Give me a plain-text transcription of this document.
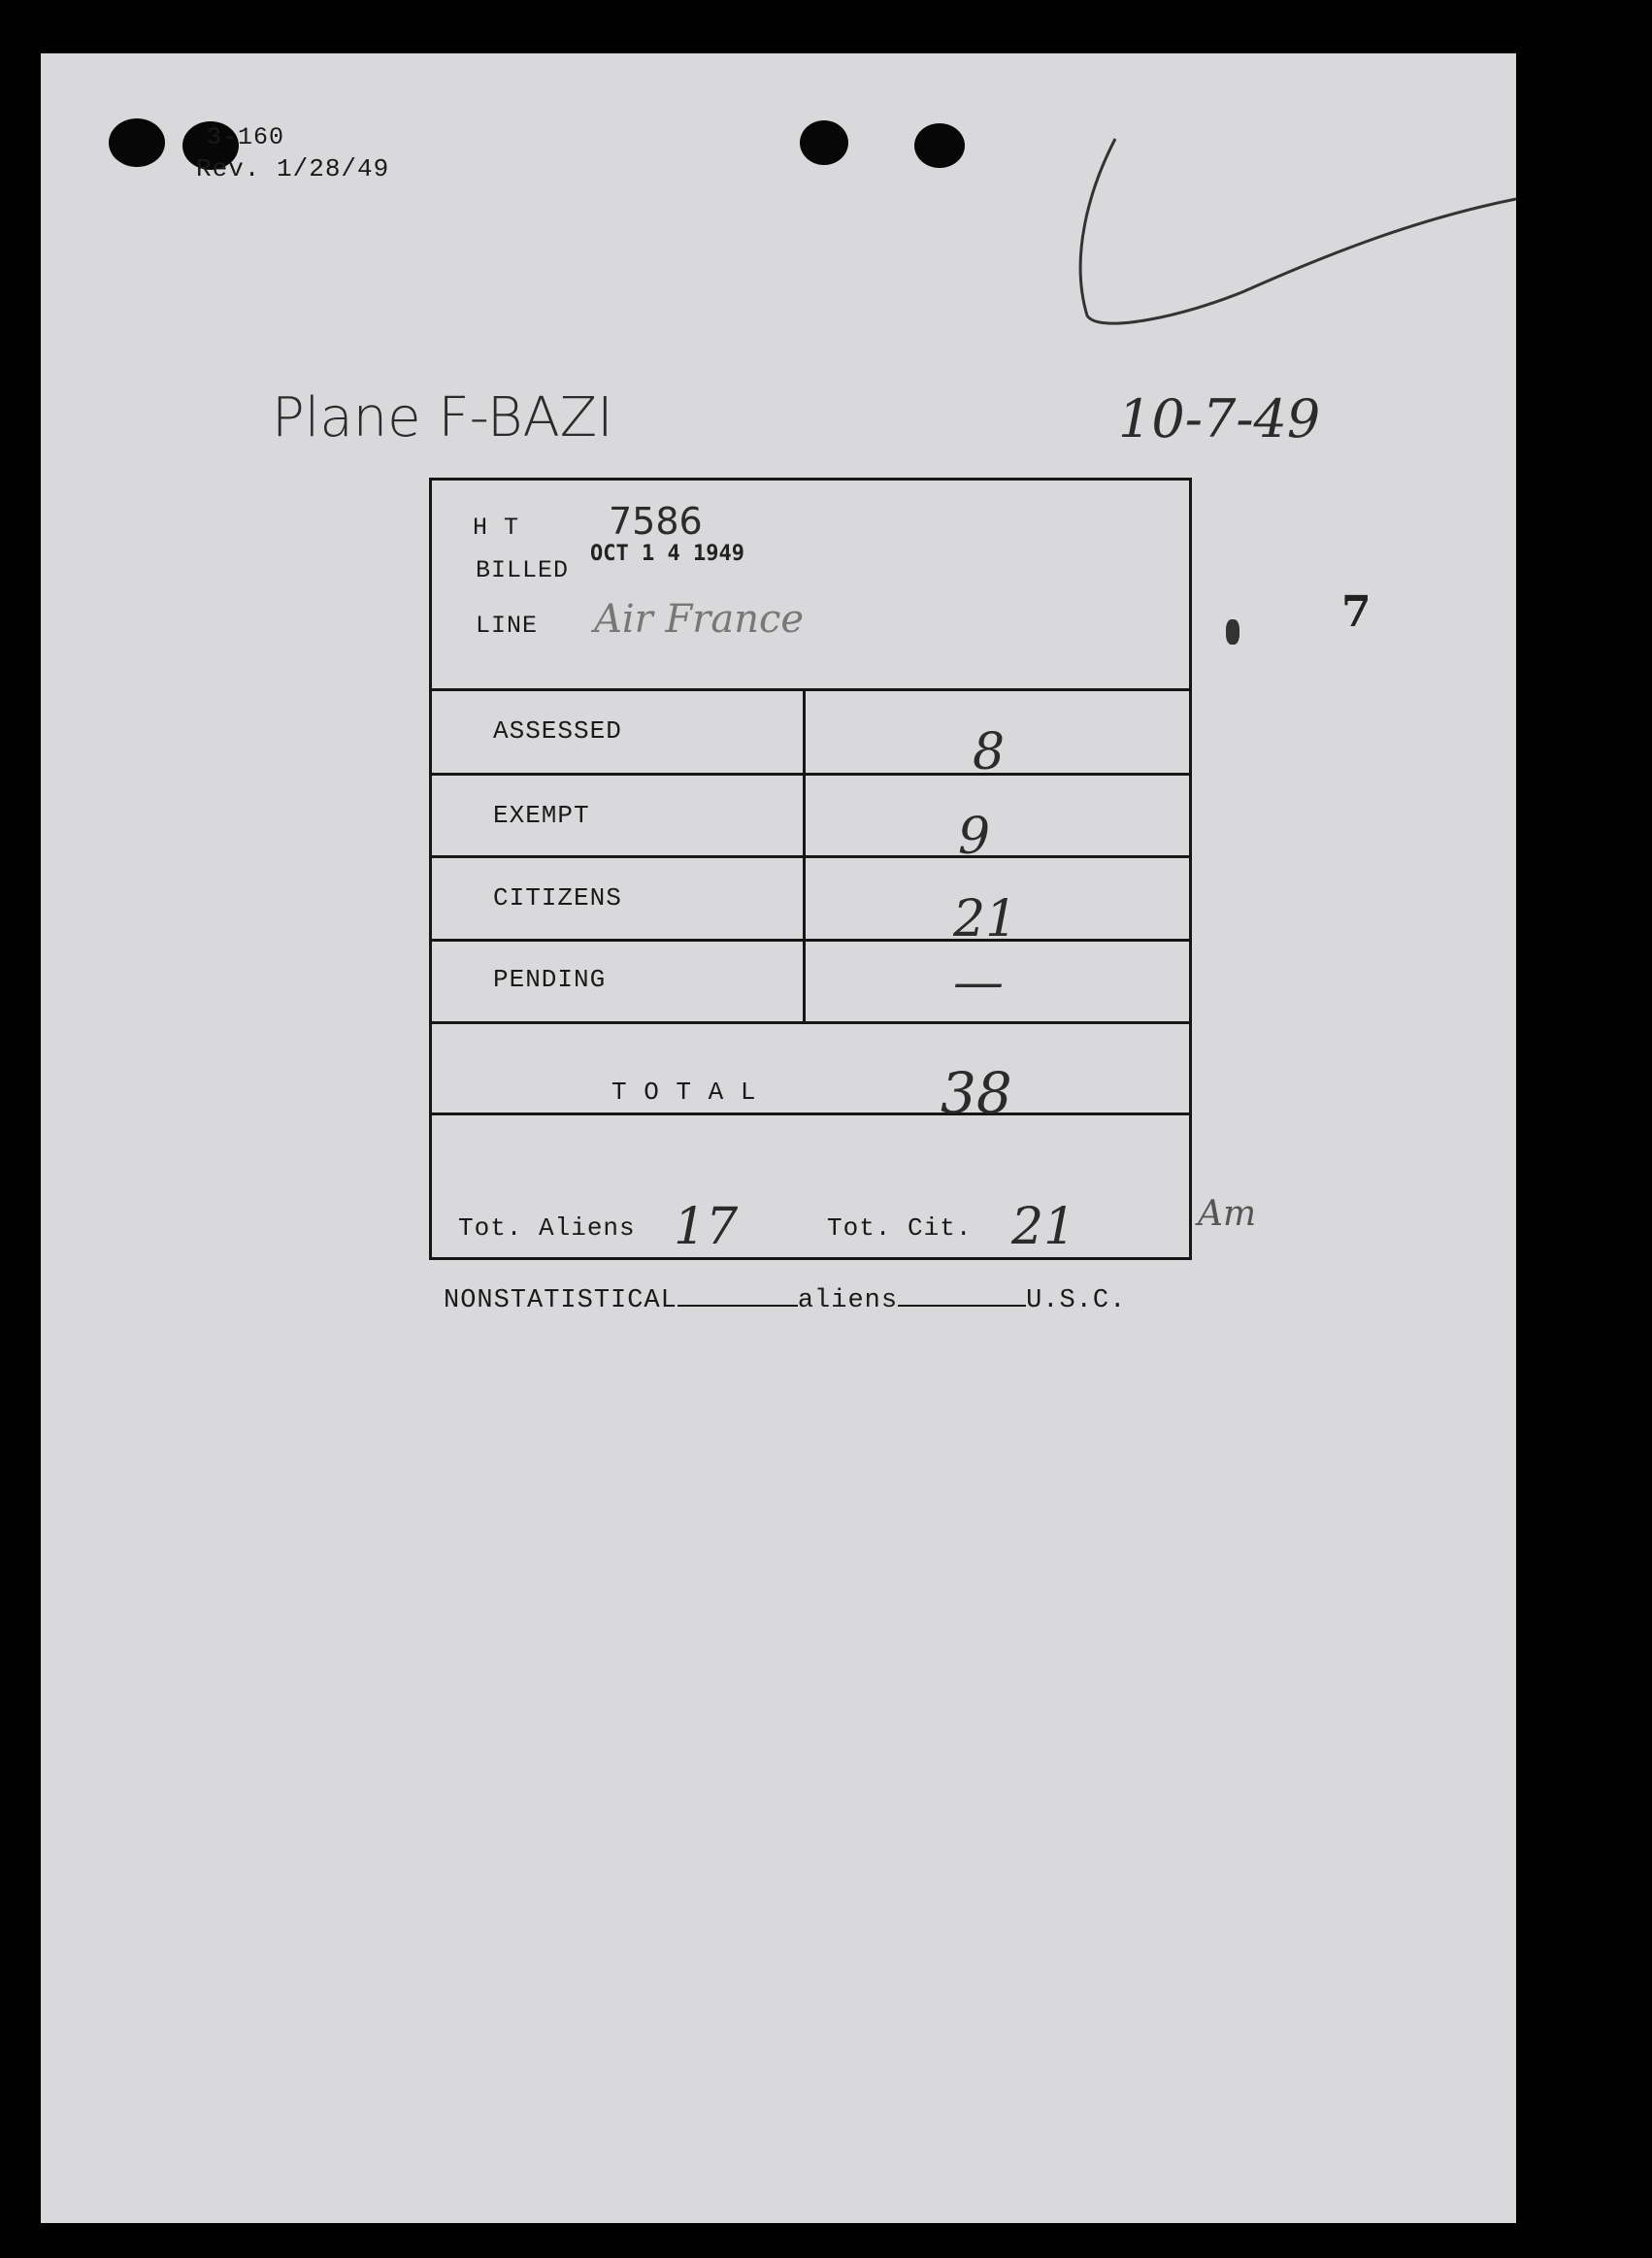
3-160
Rev. 1/28/49
Plane F-BAZI	10-7-49
H T 7586
BILLED
OCT 1 4 1949
LINE Air France
ASSESSED	8
EXEMPT	9
CITIZENS	21
PENDING	—
T O T A L	38
Tot. Aliens 17	Tot. Cit. 21	Am
7
NONSTATISTICAL	aliens	U.S.C.
